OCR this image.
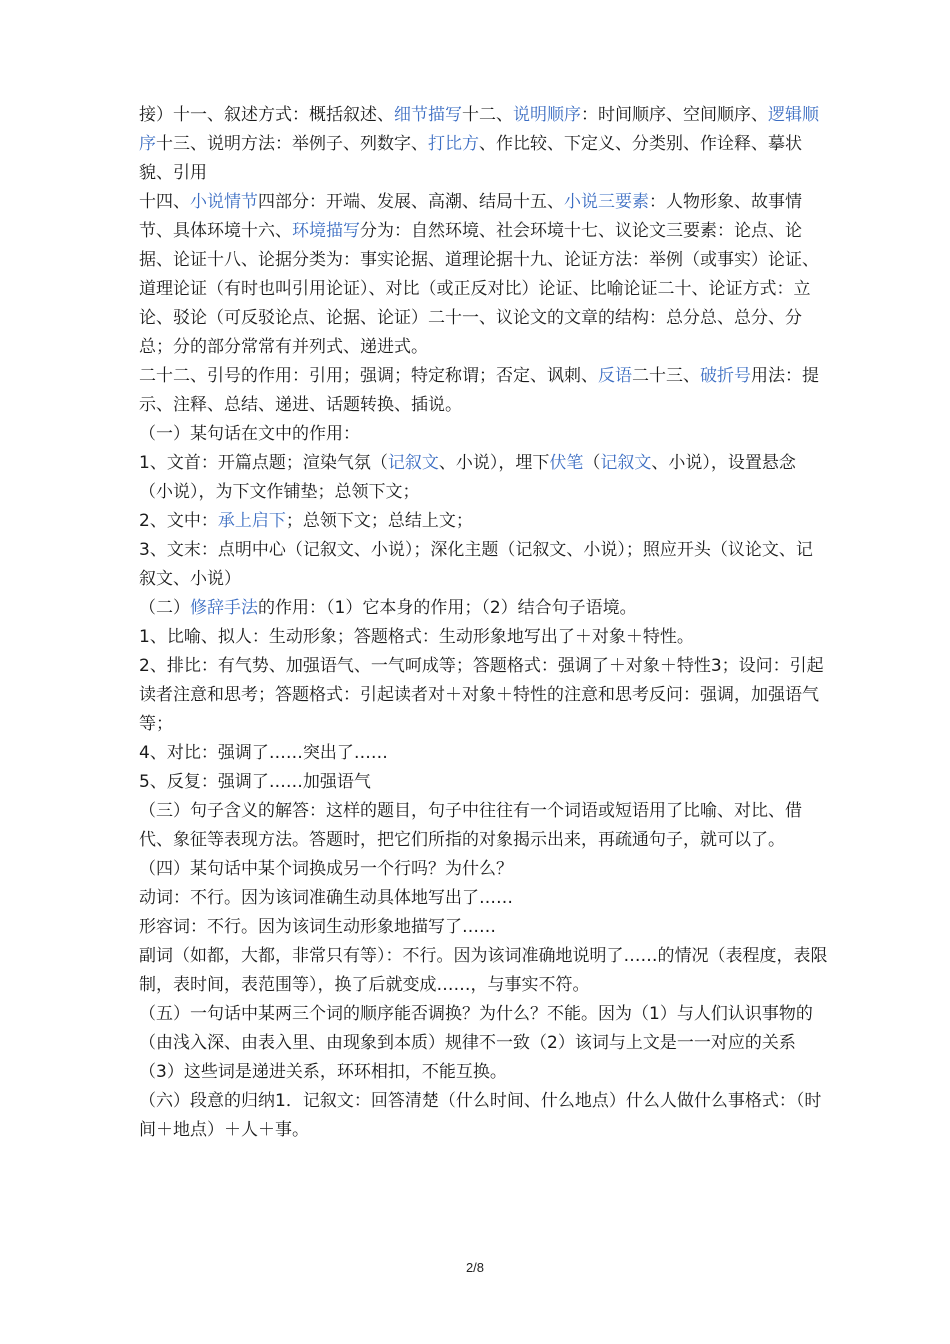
接）十一、叙述方式：概括叙述、细节描写十二、说明顺序：时间顺序、空间顺序、逻辑顺序十三、说明方法：举例子、列数字、打比方、作比较、下定义、分类别、作诠释、摹状貌、引用

十四、小说情节四部分：开端、发展、高潮、结局十五、小说三要素：人物形象、故事情节、具体环境十六、环境描写分为：自然环境、社会环境十七、议论文三要素：论点、论据、论证十八、论据分类为：事实论据、道理论据十九、论证方法：举例（或事实）论证、道理论证（有时也叫引用论证）、对比（或正反对比）论证、比喻论证二十、论证方式：立论、驳论（可反驳论点、论据、论证）二十一、议论文的文章的结构：总分总、总分、分总；分的部分常常有并列式、递进式。

二十二、引号的作用：引用；强调；特定称谓；否定、讽刺、反语二十三、破折号用法：提示、注释、总结、递进、话题转换、插说。

（一）某句话在文中的作用：

1、文首：开篇点题；渲染气氛（记叙文、小说），埋下伏笔（记叙文、小说），设置悬念（小说），为下文作铺垫；总领下文；

2、文中：承上启下；总领下文；总结上文；

3、文末：点明中心（记叙文、小说）；深化主题（记叙文、小说）；照应开头（议论文、记叙文、小说）

（二）修辞手法的作用：（1）它本身的作用；（2）结合句子语境。

1、比喻、拟人：生动形象；答题格式：生动形象地写出了＋对象＋特性。

2、排比：有气势、加强语气、一气呵成等；答题格式：强调了＋对象＋特性3；设问：引起读者注意和思考；答题格式：引起读者对＋对象＋特性的注意和思考反问：强调，加强语气等；

4、对比：强调了……突出了……

5、反复：强调了……加强语气

（三）句子含义的解答：这样的题目，句子中往往有一个词语或短语用了比喻、对比、借代、象征等表现方法。答题时，把它们所指的对象揭示出来，再疏通句子，就可以了。

（四）某句话中某个词换成另一个行吗？为什么？

动词：不行。因为该词准确生动具体地写出了……

形容词：不行。因为该词生动形象地描写了……

副词（如都，大都，非常只有等）：不行。因为该词准确地说明了……的情况（表程度，表限制，表时间，表范围等），换了后就变成……，与事实不符。

（五）一句话中某两三个词的顺序能否调换？为什么？不能。因为（1）与人们认识事物的（由浅入深、由表入里、由现象到本质）规律不一致（2）该词与上文是一一对应的关系（3）这些词是递进关系，环环相扣，不能互换。

（六）段意的归纳1．记叙文：回答清楚（什么时间、什么地点）什么人做什么事格式：（时间＋地点）＋人＋事。

2/8
